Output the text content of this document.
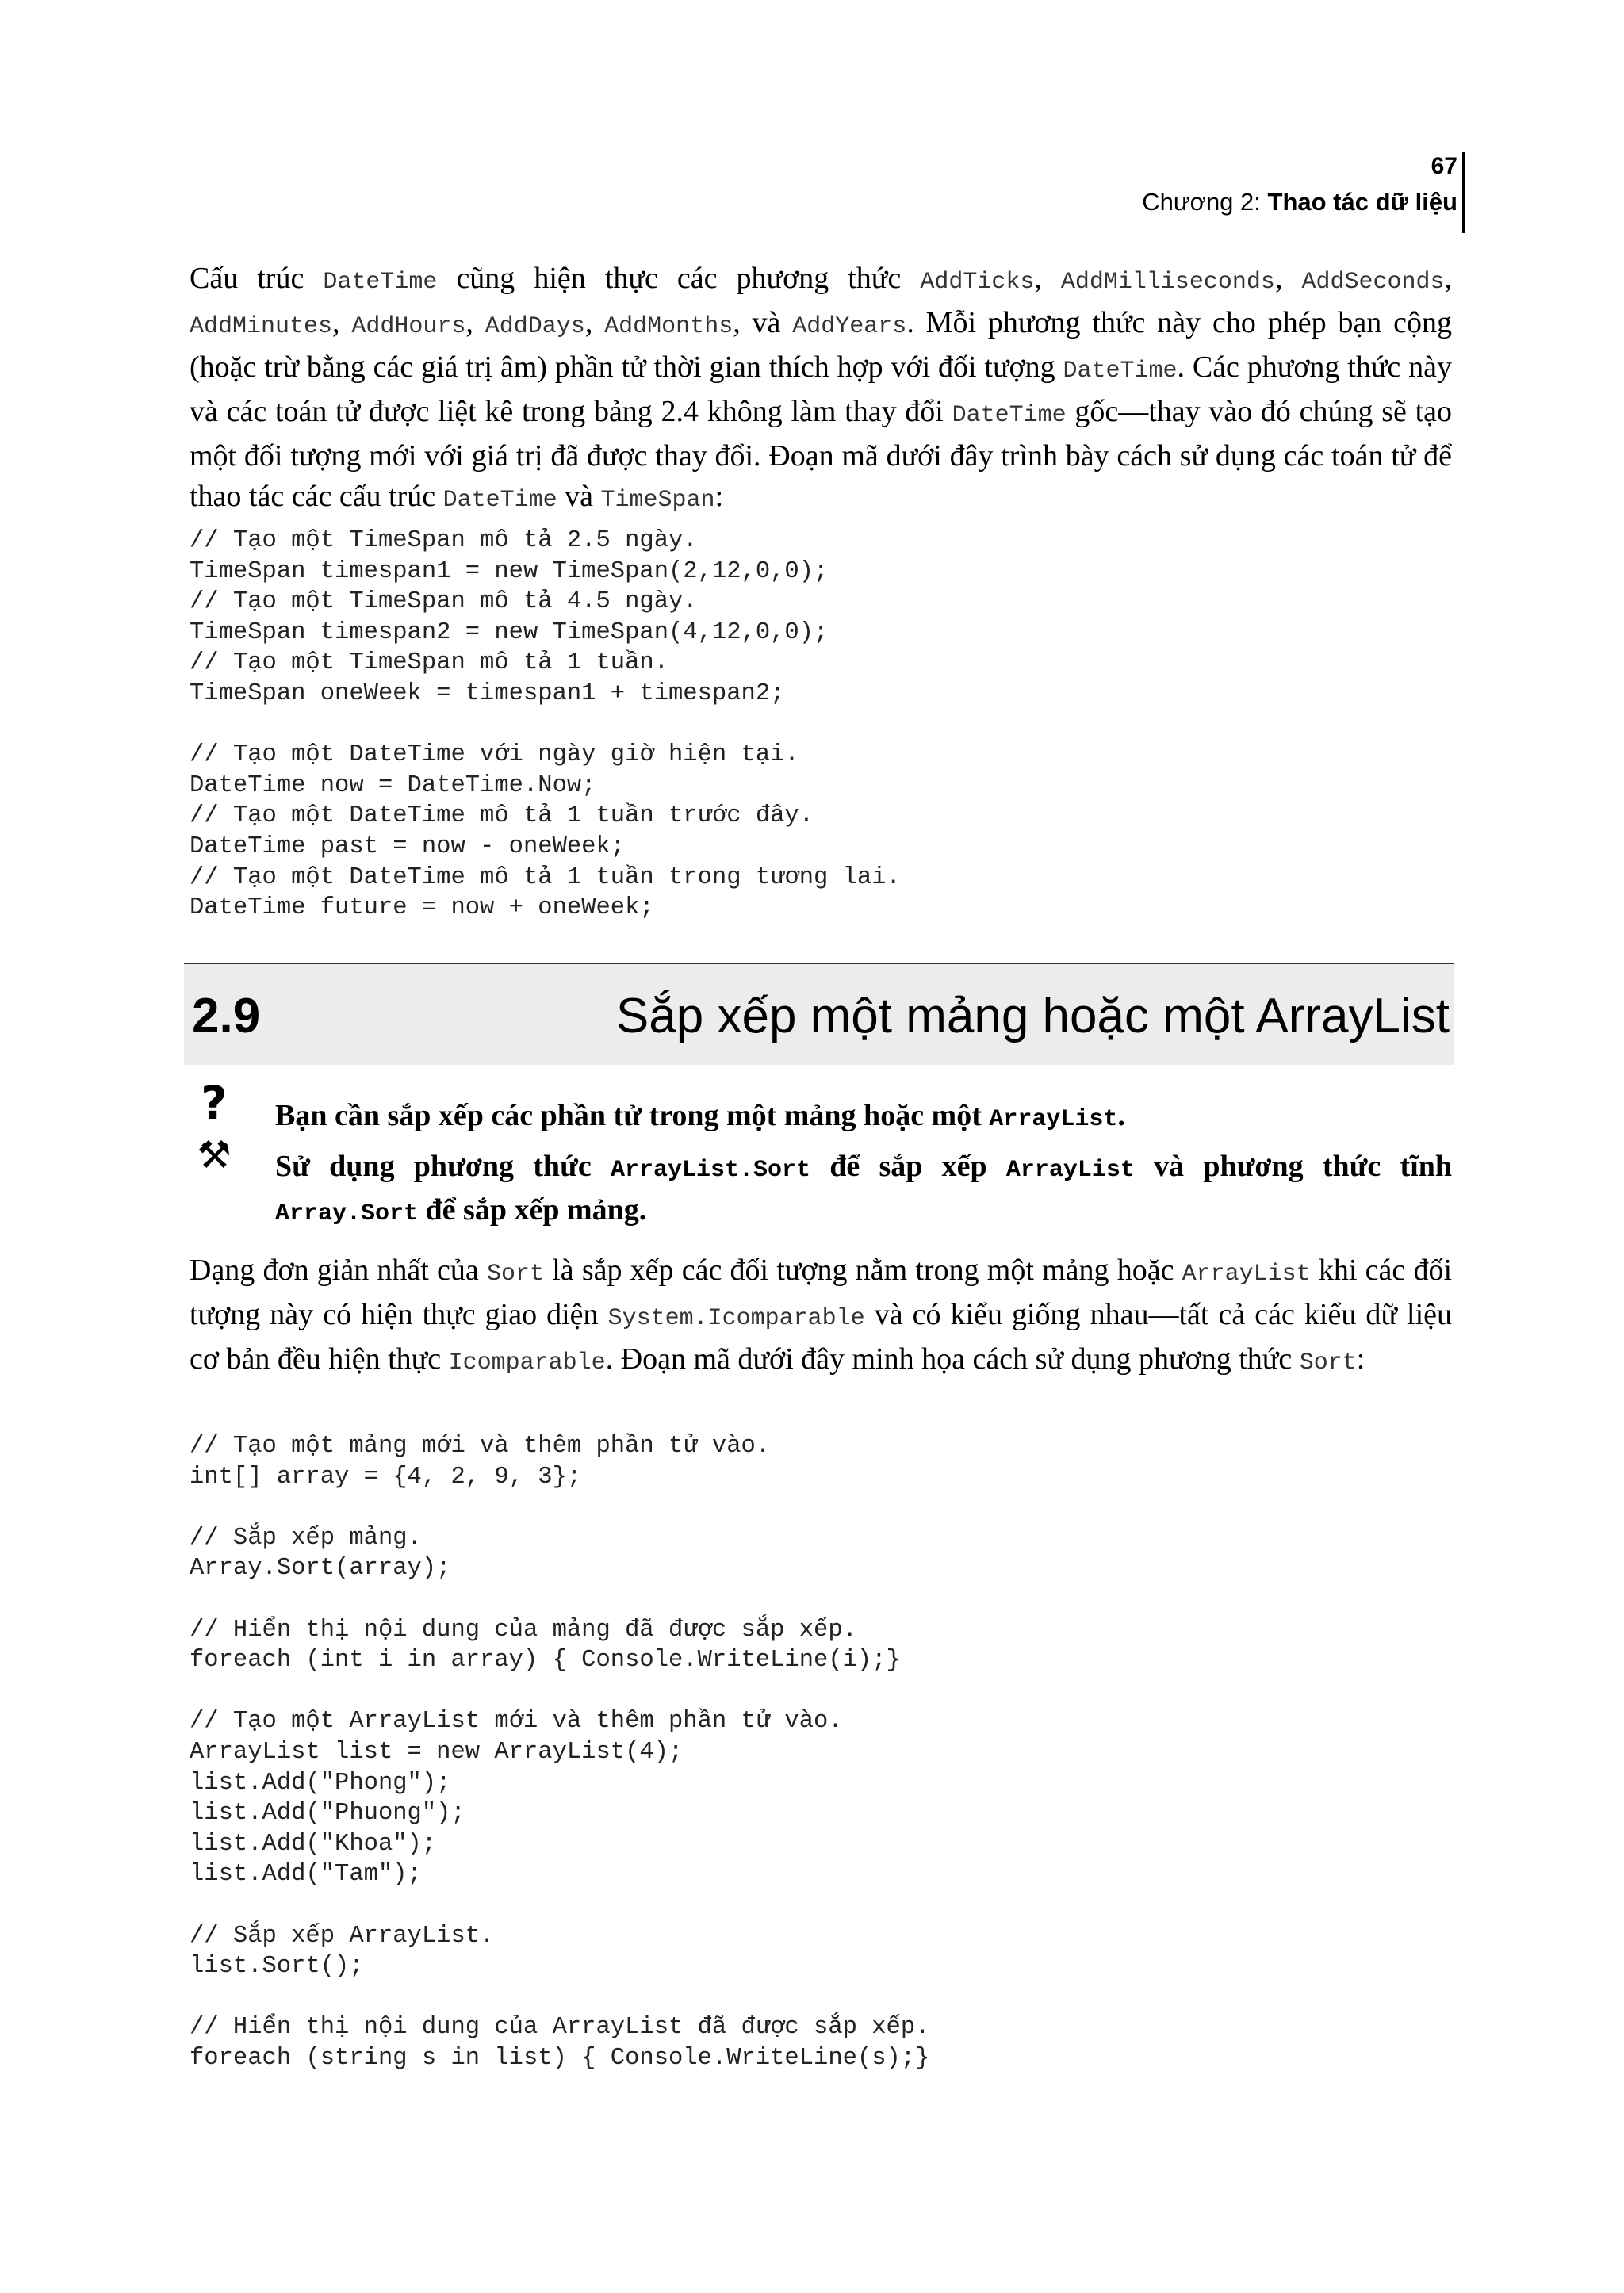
67
Chương 2: Thao tác dữ liệu

Cấu trúc DateTime cũng hiện thực các phương thức AddTicks, AddMilliseconds, AddSeconds, AddMinutes, AddHours, AddDays, AddMonths, và AddYears. Mỗi phương thức này cho phép bạn cộng (hoặc trừ bằng các giá trị âm) phần tử thời gian thích hợp với đối tượng DateTime. Các phương thức này và các toán tử được liệt kê trong bảng 2.4 không làm thay đổi DateTime gốc—thay vào đó chúng sẽ tạo một đối tượng mới với giá trị đã được thay đổi. Đoạn mã dưới đây trình bày cách sử dụng các toán tử để thao tác các cấu trúc DateTime và TimeSpan:

// Tạo một TimeSpan mô tả 2.5 ngày.
TimeSpan timespan1 = new TimeSpan(2,12,0,0);
// Tạo một TimeSpan mô tả 4.5 ngày.
TimeSpan timespan2 = new TimeSpan(4,12,0,0);
// Tạo một TimeSpan mô tả 1 tuần.
TimeSpan oneWeek = timespan1 + timespan2;

// Tạo một DateTime với ngày giờ hiện tại.
DateTime now = DateTime.Now;
// Tạo một DateTime mô tả 1 tuần trước đây.
DateTime past = now - oneWeek;
// Tạo một DateTime mô tả 1 tuần trong tương lai.
DateTime future = now + oneWeek;
2.9	Sắp xếp một mảng hoặc một ArrayList
? Bạn cần sắp xếp các phần tử trong một mảng hoặc một ArrayList.

⚒ Sử dụng phương thức ArrayList.Sort để sắp xếp ArrayList và phương thức tĩnh Array.Sort để sắp xếp mảng.

Dạng đơn giản nhất của Sort là sắp xếp các đối tượng nằm trong một mảng hoặc ArrayList khi các đối tượng này có hiện thực giao diện System.Icomparable và có kiểu giống nhau—tất cả các kiểu dữ liệu cơ bản đều hiện thực Icomparable. Đoạn mã dưới đây minh họa cách sử dụng phương thức Sort:

// Tạo một mảng mới và thêm phần tử vào.
int[] array = {4, 2, 9, 3};

// Sắp xếp mảng.
Array.Sort(array);

// Hiển thị nội dung của mảng đã được sắp xếp.
foreach (int i in array) { Console.WriteLine(i);}

// Tạo một ArrayList mới và thêm phần tử vào.
ArrayList list = new ArrayList(4);
list.Add("Phong");
list.Add("Phuong");
list.Add("Khoa");
list.Add("Tam");

// Sắp xếp ArrayList.
list.Sort();

// Hiển thị nội dung của ArrayList đã được sắp xếp.
foreach (string s in list) { Console.WriteLine(s);}
